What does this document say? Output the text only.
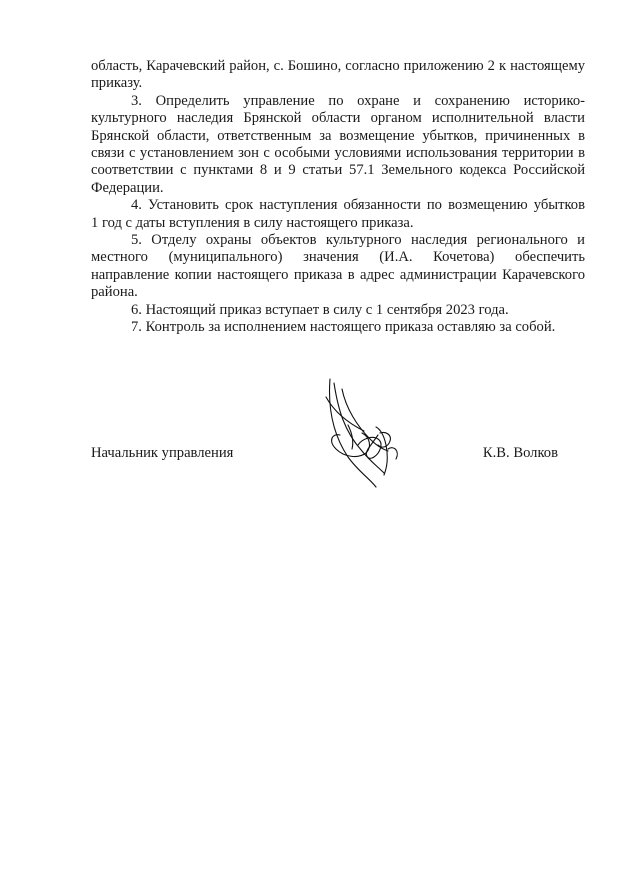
область, Карачевский район, с. Бошино, согласно приложению 2 к настоящему
приказу.
3. Определить управление по охране и сохранению историко-
культурного наследия Брянской области органом исполнительной власти
Брянской области, ответственным за возмещение убытков, причиненных в
связи с установлением зон с особыми условиями использования территории в
соответствии с пунктами 8 и 9 статьи 57.1 Земельного кодекса Российской
Федерации.
4. Установить срок наступления обязанности по возмещению убытков
1 год с даты вступления в силу настоящего приказа.
5. Отделу охраны объектов культурного наследия регионального и
местного (муниципального) значения (И.А. Кочетова) обеспечить
направление копии настоящего приказа в адрес администрации Карачевского
района.
6. Настоящий приказ вступает в силу с 1 сентября 2023 года.
7. Контроль за исполнением настоящего приказа оставляю за собой.
Начальник управления	К.В. Волков
